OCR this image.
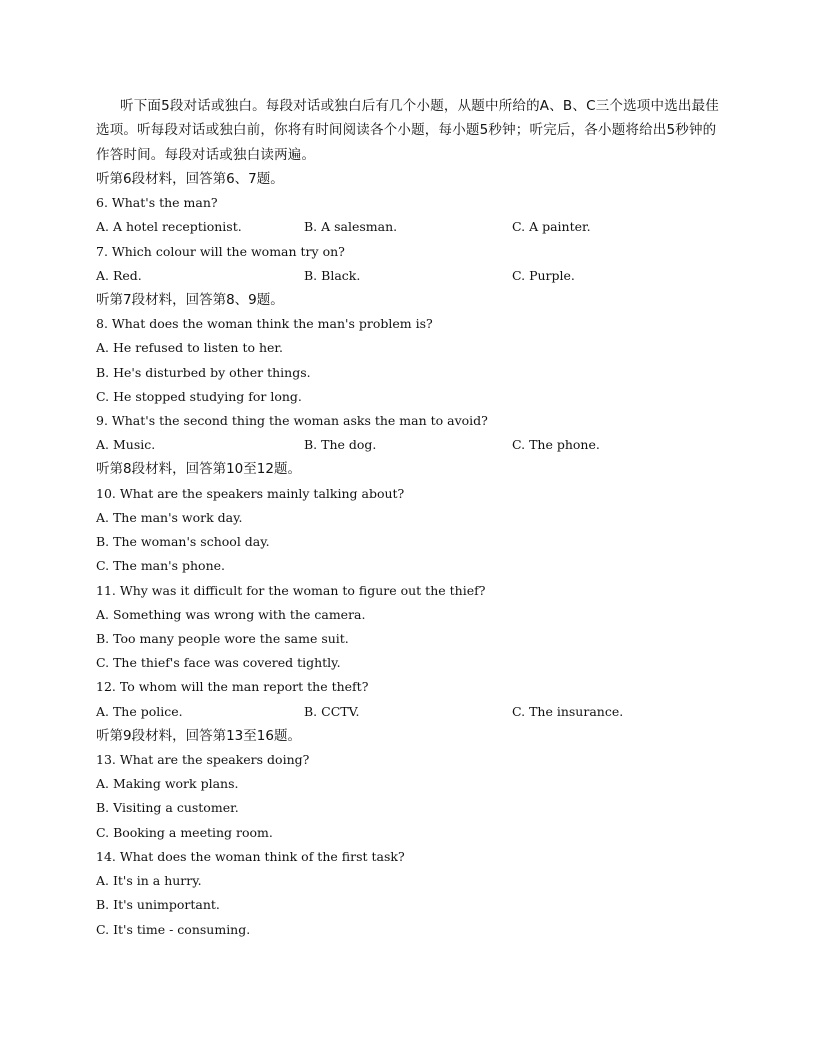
听下面5段对话或独白。每段对话或独白后有几个小题，从题中所给的A、B、C三个选项中选出最佳选项。听每段对话或独白前，你将有时间阅读各个小题，每小题5秒钟；听完后，各小题将给出5秒钟的作答时间。每段对话或独白读两遍。

听第6段材料，回答第6、7题。

6. What's the man?

A. A hotel receptionist.	B. A salesman.	C. A painter.

7. Which colour will the woman try on?

A. Red.	B. Black.	C. Purple.

听第7段材料，回答第8、9题。

8. What does the woman think the man's problem is?

A. He refused to listen to her.

B. He's disturbed by other things.

C. He stopped studying for long.

9. What's the second thing the woman asks the man to avoid?

A. Music.	B. The dog.	C. The phone.

听第8段材料，回答第10至12题。

10. What are the speakers mainly talking about?

A. The man's work day.

B. The woman's school day.

C. The man's phone.

11. Why was it difficult for the woman to figure out the thief?

A. Something was wrong with the camera.

B. Too many people wore the same suit.

C. The thief's face was covered tightly.

12. To whom will the man report the theft?

A. The police.	B. CCTV.	C. The insurance.

听第9段材料，回答第13至16题。

13. What are the speakers doing?

A. Making work plans.

B. Visiting a customer.

C. Booking a meeting room.

14. What does the woman think of the first task?

A. It's in a hurry.

B. It's unimportant.

C. It's time - consuming.
